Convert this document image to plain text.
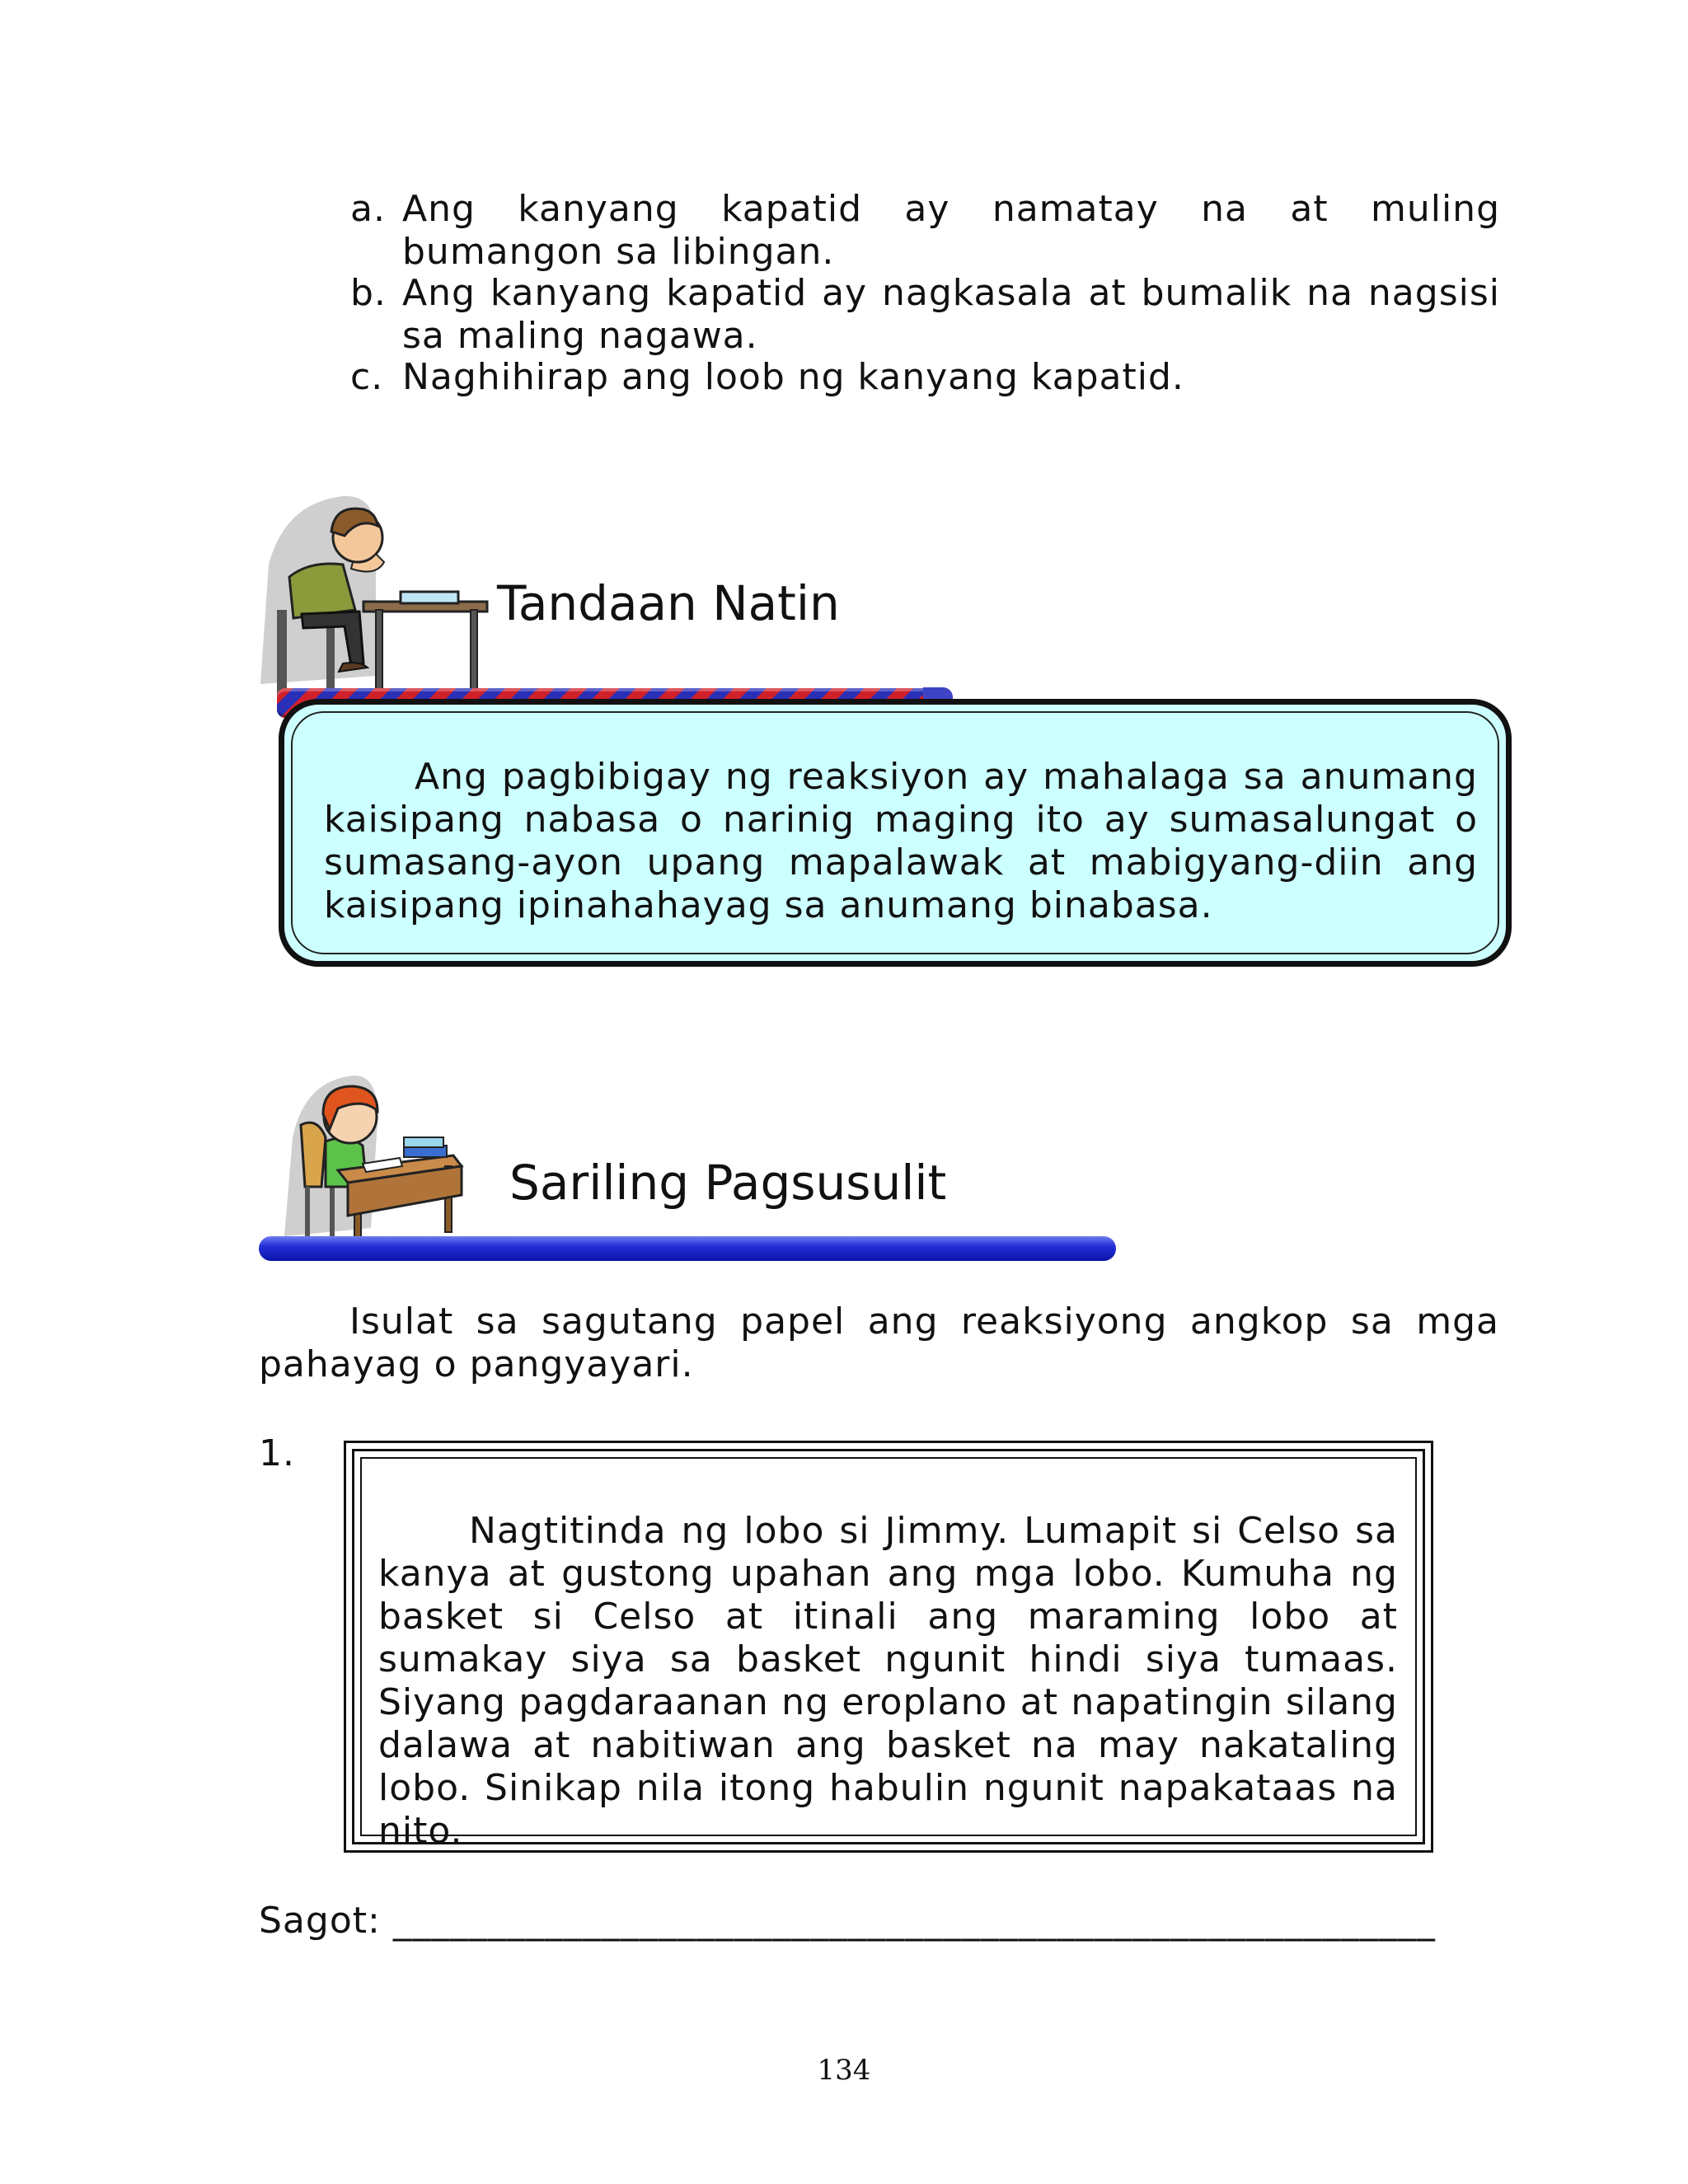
a. Ang kanyang kapatid ay namatay na at muling bumangon sa libingan.
b. Ang kanyang kapatid ay nagkasala at bumalik na nagsisi sa maling nagawa.
c. Naghihirap ang loob ng kanyang kapatid.
Tandaan Natin
Ang pagbibigay ng reaksiyon ay mahalaga sa anumang kaisipang nabasa o narinig maging ito ay sumasalungat o sumasang-ayon upang mapalawak at mabigyang-diin ang kaisipang ipinahahayag sa anumang binabasa.
Sariling Pagsusulit
Isulat sa sagutang papel ang reaksiyong angkop sa mga pahayag o pangyayari.
1.
Nagtitinda ng lobo si Jimmy. Lumapit si Celso sa kanya at gustong upahan ang mga lobo. Kumuha ng basket si Celso at itinali ang maraming lobo at sumakay siya sa basket ngunit hindi siya tumaas. Siyang pagdaraanan ng eroplano at napatingin silang dalawa at nabitiwan ang basket na may nakataling lobo. Sinikap nila itong habulin ngunit napakataas na nito.
Sagot: _______________________________________________________
134
